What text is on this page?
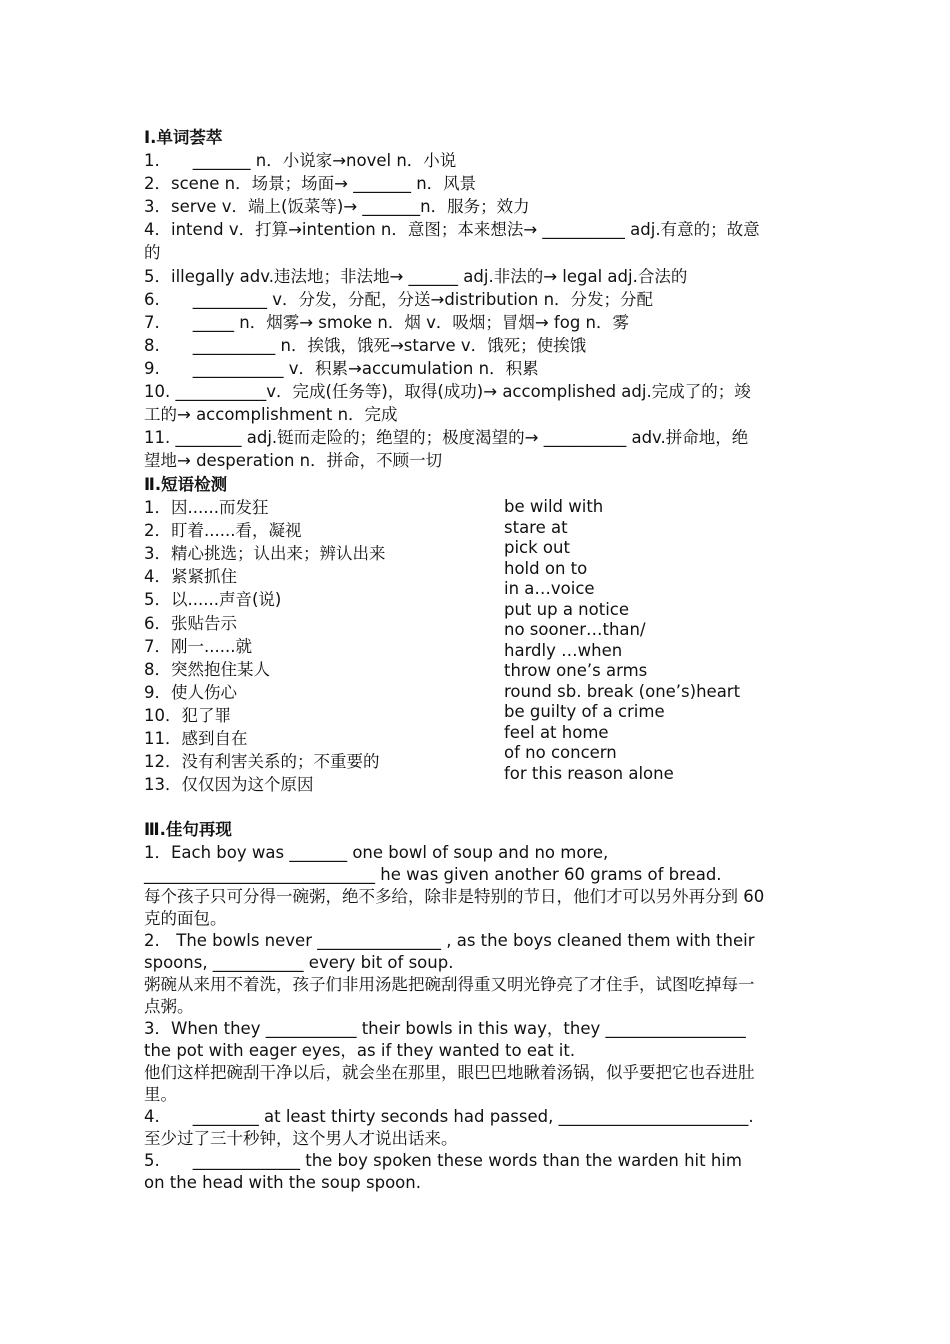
Ⅰ.单词荟萃
1.　　_______ n．小说家→novel n．小说
2．scene n．场景；场面→ _______ n．风景
3．serve v．端上(饭菜等)→ _______n．服务；效力
4．intend v．打算→intention n．意图；本来想法→ __________ adj.有意的；故意
的
5．illegally adv.违法地；非法地→ ______ adj.非法的→ legal adj.合法的
6.　　_________ v．分发，分配，分送→distribution n．分发；分配
7.　　_____ n．烟雾→ smoke n．烟 v．吸烟；冒烟→ fog n．雾
8.　　__________ n．挨饿，饿死→starve v．饿死；使挨饿
9.　　___________ v．积累→accumulation n．积累
10. ___________v．完成(任务等)，取得(成功)→ accomplished adj.完成了的；竣
工的→ accomplishment n．完成
11. ________ adj.铤而走险的；绝望的；极度渴望的→ __________ adv.拼命地，绝
望地→ desperation n．拼命，不顾一切
Ⅱ.短语检测
1．因......而发狂
2．盯着......看，凝视
3．精心挑选；认出来；辨认出来
4．紧紧抓住
5．以......声音(说)
6．张贴告示
7．刚一......就
8．突然抱住某人
9．使人伤心
10．犯了罪
11．感到自在
12．没有利害关系的；不重要的
13．仅仅因为这个原因
be wild with
stare at
pick out
hold on to
in a…voice
put up a notice
no sooner…than/
hardly …when
throw one’s arms
round sb. break (one’s)heart
be guilty of a crime
feel at home
of no concern
for this reason alone
Ⅲ.佳句再现
1．Each boy was _______ one bowl of soup and no more,
____________________________ he was given another 60 grams of bread.
每个孩子只可分得一碗粥，绝不多给，除非是特别的节日，他们才可以另外再分到 60
克的面包。
2.　The bowls never _______________ , as the boys cleaned them with their
spoons, ___________ every bit of soup.
粥碗从来用不着洗，孩子们非用汤匙把碗刮得重又明光铮亮了才住手，试图吃掉每一
点粥。
3．When they ___________ their bowls in this way，they _________________
the pot with eager eyes，as if they wanted to eat it.
他们这样把碗刮干净以后，就会坐在那里，眼巴巴地瞅着汤锅，似乎要把它也吞进肚
里。
4.　　________ at least thirty seconds had passed, _______________________.
至少过了三十秒钟，这个男人才说出话来。
5.　　_____________ the boy spoken these words than the warden hit him
on the head with the soup spoon.
